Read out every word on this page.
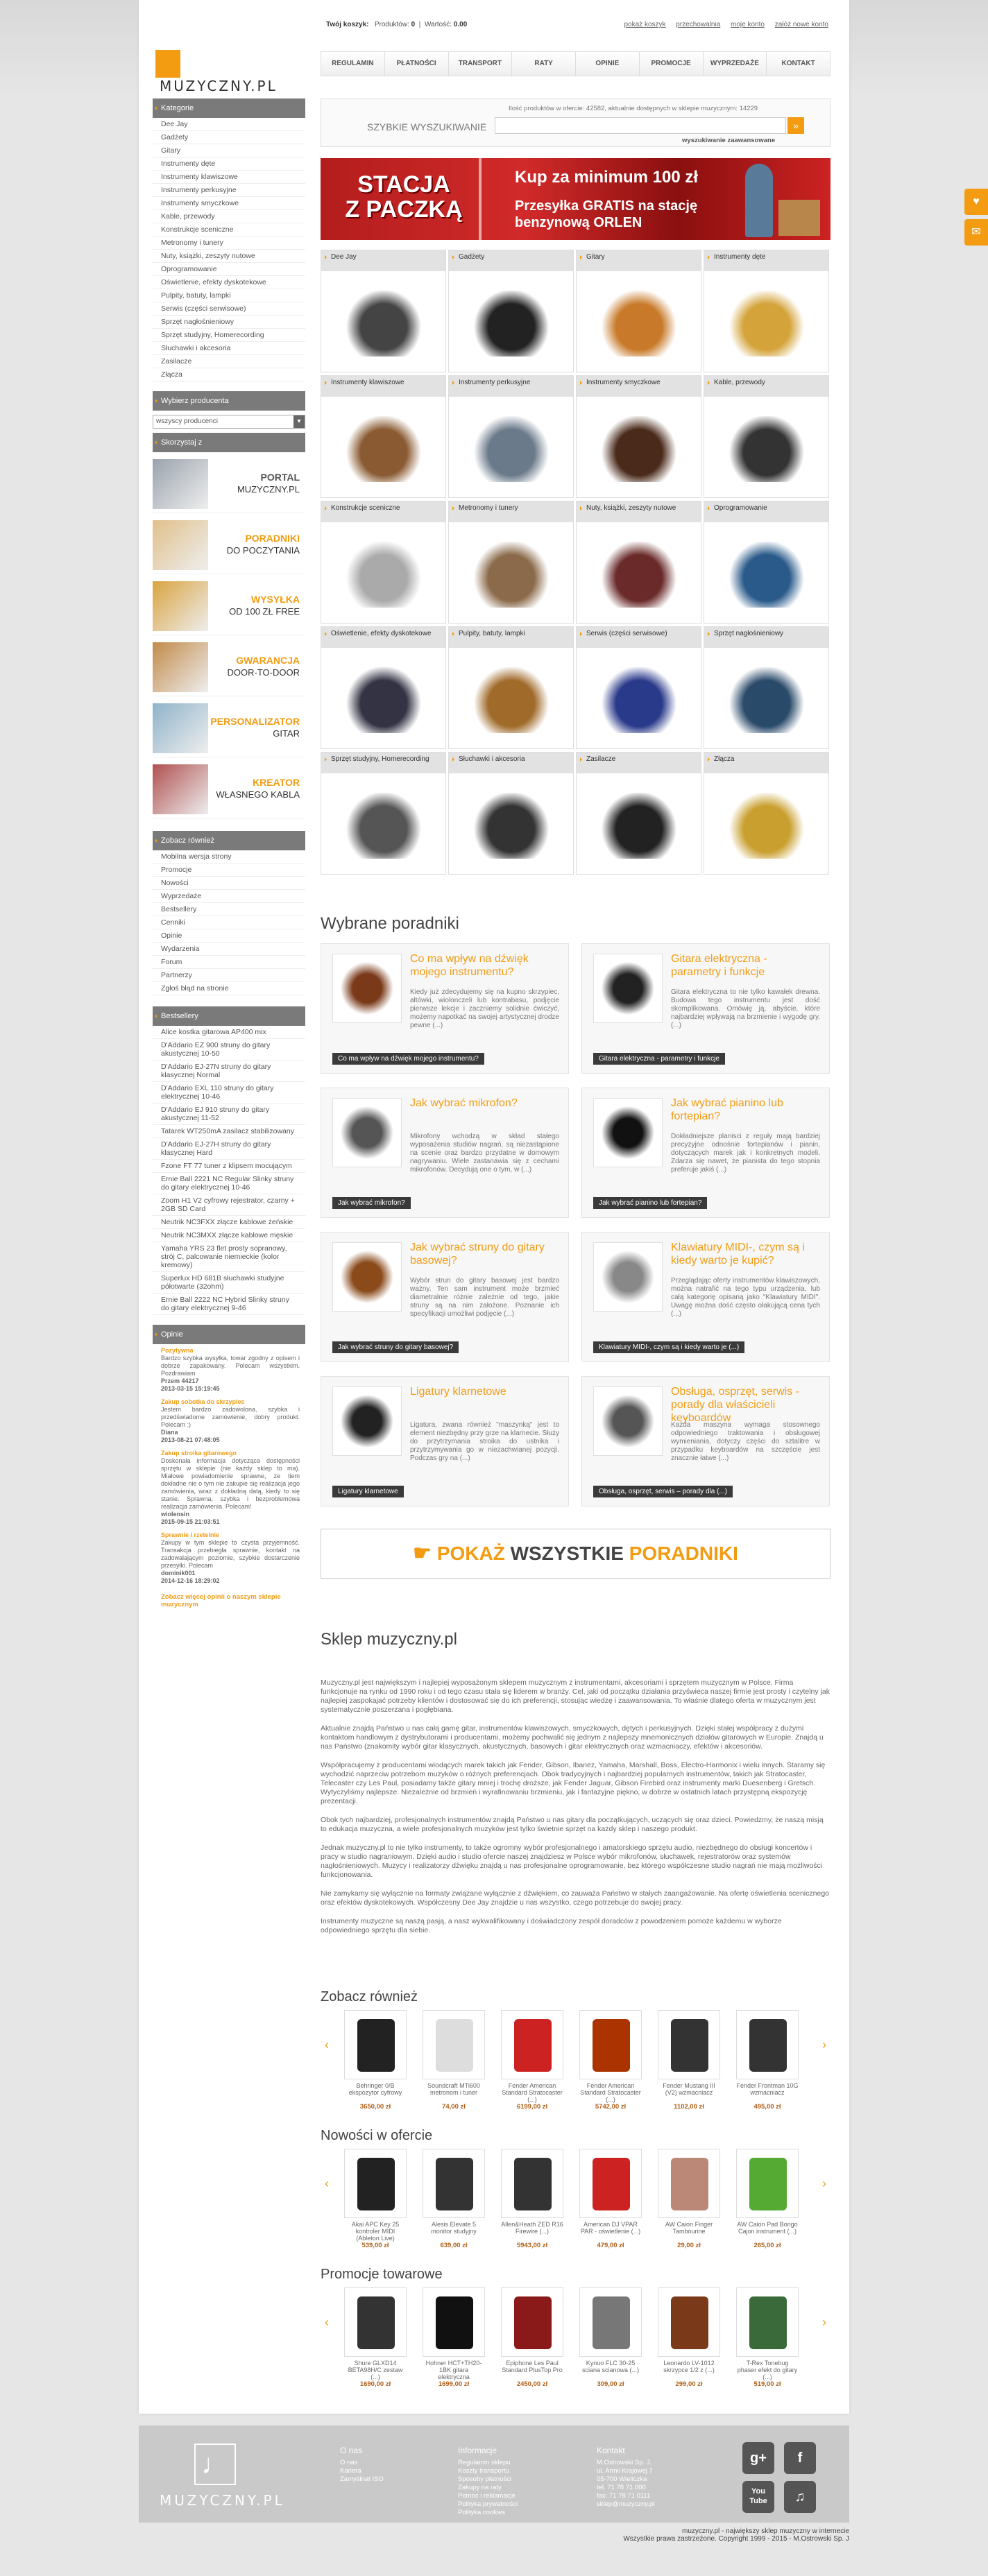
♥
✉
Twój koszyk: Produktów: 0  |  Wartość: 0.00	pokaż koszyk przechowalnia moje konto załóż nowe konto
MUZYCZNY.PL
REGULAMIN	PŁATNOŚCI	TRANSPORT	RATY	OPINIE	PROMOCJE	WYPRZEDAŻE	KONTAKT
Kategorie
Dee Jay
Gadżety
Gitary
Instrumenty dęte
Instrumenty klawiszowe
Instrumenty perkusyjne
Instrumenty smyczkowe
Kable, przewody
Konstrukcje sceniczne
Metronomy i tunery
Nuty, książki, zeszyty nutowe
Oprogramowanie
Oświetlenie, efekty dyskotekowe
Pulpity, batuty, lampki
Serwis (części serwisowe)
Sprzęt nagłośnieniowy
Sprzęt studyjny, Homerecording
Słuchawki i akcesoria
Zasilacze
Złącza
Wybierz producenta
wszyscy producenci	▾
Skorzystaj z
PORTAL
MUZYCZNY.PL
PORADNIKI
DO POCZYTANIA
WYSYŁKA
OD 100 ZŁ FREE
GWARANCJA
DOOR-TO-DOOR
PERSONALIZATOR
GITAR
KREATOR
WŁASNEGO KABLA
Zobacz również
Mobilna wersja strony
Promocje
Nowości
Wyprzedaże
Bestsellery
Cenniki
Opinie
Wydarzenia
Forum
Partnerzy
Zgłoś błąd na stronie
Bestsellery
Alice kostka gitarowa AP400 mix
D'Addario EZ 900 struny do gitary akustycznej 10-50
D'Addario EJ-27N struny do gitary klasycznej Normal
D'Addario EXL 110 struny do gitary elektrycznej 10-46
D'Addario EJ 910 struny do gitary akustycznej 11-52
Tatarek WT250mA zasilacz stabilizowany
D'Addario EJ-27H struny do gitary klasycznej Hard
Fzone FT 77 tuner z klipsem mocującym
Ernie Ball 2221 NC Regular Slinky struny do gitary elektrycznej 10-46
Zoom H1 V2 cyfrowy rejestrator, czarny + 2GB SD Card
Neutrik NC3FXX złącze kablowe żeńskie
Neutrik NC3MXX złącze kablowe męskie
Yamaha YRS 23 flet prosty sopranowy, strój C, palcowanie niemieckie (kolor kremowy)
Superlux HD 681B słuchawki studyjne półotwarte (32ohm)
Ernie Ball 2222 NC Hybrid Slinky struny do gitary elektrycznej 9-46
Opinie
Pozytywna
Bardzo szybka wysyłka, towar zgodny z opisem i dobrze zapakowany. Polecam wszystkim. Pozdrawiam
Przem 44217
2013-03-15 15:19:45
Zakup sobotka do skrzypiec
Jestem bardzo zadowolona, szybka i przedświadome zamówienie, dobry produkt. Polecam :)
Diana
2013-08-21 07:48:05
Zakup stroika gitarowego
Doskonała informacja dotycząca dostępności sprzętu w sklepie (nie każdy sklep to ma). Miałowe powiadomienie sprawne, ze tiem dokładne nie o tym nie zakupie się realizacja jego zamówienia, wraz z dokładną datą, kiedy to się stanie. Sprawna, szybka i bezproblemowa realizacja zamówienia. Polecam!
wiolensin
2015-09-15 21:03:51
Sprawnie i rzetelnie
Zakupy w tym sklepie to czysta przyjemność. Transakcja przebiegła sprawnie, kontakt na zadowalającym poziomie, szybkie dostarczenie przesyłki. Polecam
dominik001
2014-12-16 18:29:02
Zobacz więcej opinii o naszym sklepie muzycznym
Ilość produktów w ofercie: 42582, aktualnie dostępnych w sklepie muzycznym: 14229
SZYBKIE WYSZUKIWANIE	»
wyszukiwanie zaawansowane
STACJA
Z PACZKĄ
Kup za minimum 100 zł
Przesyłka GRATIS na stację
benzynową ORLEN
Dee Jay	Gadżety	Gitary	Instrumenty dęte
Instrumenty klawiszowe	Instrumenty perkusyjne	Instrumenty smyczkowe	Kable, przewody
Konstrukcje sceniczne	Metronomy i tunery	Nuty, książki, zeszyty nutowe	Oprogramowanie
Oświetlenie, efekty dyskotekowe	Pulpity, batuty, lampki	Serwis (części serwisowe)	Sprzęt nagłośnieniowy
Sprzęt studyjny, Homerecording	Słuchawki i akcesoria	Zasilacze	Złącza
Wybrane poradniki
Co ma wpływ na dźwięk mojego instrumentu?
Kiedy już zdecydujemy się na kupno skrzypiec, altówki, wiolonczeli lub kontrabasu, podjęcie pierwsze lekcje i zaczniemy solidnie ćwiczyć, możemy napotkać na swojej artystycznej drodze pewne (...)
Co ma wpływ na dźwięk mojego instrumentu?
Gitara elektryczna - parametry i funkcje
Gitara elektryczna to nie tylko kawałek drewna. Budowa tego instrumentu jest dość skomplikowana. Omówię ją, abyście, które najbardziej wpływają na brzmienie i wygodę gry. (...)
Gitara elektryczna - parametry i funkcje
Jak wybrać mikrofon?
Mikrofony wchodzą w skład stałego wyposażenia studiów nagrań, są niezastąpione na scenie oraz bardzo przydatne w domowym nagrywaniu. Wiele zastanawia się z cechami mikrofonów. Decydują one o tym, w (...)
Jak wybrać mikrofon?
Jak wybrać pianino lub fortepian?
Dokładniejsze planisci z reguły mają bardziej precyzyjne odnośnie fortepianów i pianin, dotyczących marek jak i konkretnych modeli. Zdarza się nawet, że pianista do tego stopnia preferuje jakiś (...)
Jak wybrać pianino lub fortepian?
Jak wybrać struny do gitary basowej?
Wybór strun do gitary basowej jest bardzo ważny. Ten sam instrument może brzmieć diametralnie różnie zależnie od tego, jakie struny są na nim założone. Poznanie ich specyfikacji umożliwi podjęcie (...)
Jak wybrać struny do gitary basowej?
Klawiatury MIDI-, czym są i kiedy warto je kupić?
Przeglądając oferty instrumentów klawiszowych, można natrafić na tego typu urządzenia, lub całą kategorię opisaną jako "Klawiatury MIDI". Uwagę można dość często ołakującą cena tych (...)
Klawiatury MIDI-, czym są i kiedy warto je (...)
Ligatury klarnetowe
Ligatura, zwana również "maszynką" jest to element niezbędny przy grze na klarnecie. Służy do przytrzymania stroika do ustnika i przytrzymywania go w niezachwianej pozycji. Podczas gry na (...)
Ligatury klarnetowe
Obsługa, osprzęt, serwis - porady dla właścicieli keyboardów
Każda maszyna wymaga stosownego odpowiedniego traktowania i obsługowej wymieniania, dotyczy części do sztalitre w przypadku keyboardów na szczęście jest znacznie łatwe (...)
Obsługa, osprzęt, serwis – porady dla (...)
☛ POKAŻ WSZYSTKIE PORADNIKI
Sklep muzyczny.pl

Muzyczny.pl jest największym i najlepiej wyposażonym sklepem muzycznym z instrumentami, akcesoriami i sprzętem muzycznym w Polsce. Firma funkcjonuje na rynku od 1990 roku i od tego czasu stała się liderem w branży. Cel, jaki od początku działania przyświeca naszej firmie jest prosty i czytelny jak najlepiej zaspokajać potrzeby klientów i dostosować się do ich preferencji, stosując wiedzę i zaawansowania. To właśnie dlatego oferta w muzycznym jest systematycznie poszerzana i pogłębiana.

Aktualnie znajdą Państwo u nas całą gamę gitar, instrumentów klawiszowych, smyczkowych, dętych i perkusyjnych. Dzięki stałej współpracy z dużymi kontaktom handlowym z dystrybutorami i producentami, możemy pochwalić się jednym z najlepszy mnemonicznych działów gitarowych w Europie. Znajdą u nas Państwo (znakomity wybór gitar klasycznych, akustycznych, basowych i gitar elektrycznych oraz wzmacniaczy, efektów i akcesoriów.

Współpracujemy z producentami wiodących marek takich jak Fender, Gibson, Ibanez, Yamaha, Marshall, Boss, Electro-Harmonix i wielu innych. Staramy się wychodzić naprzeciw potrzebom muzyków o różnych preferencjach. Obok tradycyjnych i najbardziej popularnych instrumentów, takich jak Stratocaster, Telecaster czy Les Paul, posiadamy także gitary mniej i trochę droższe, jak Fender Jaguar, Gibson Firebird oraz instrumenty marki Duesenberg i Gretsch. Wytyczyliśmy najlepsze. Niezależnie od brzmień i wyrafinowaniu brzmieniu, jak i fantazyjne piękno, w dobrze w ostatnich latach przystępną ekspozycję prezentacji.

Obok tych najbardziej, profesjonalnych instrumentów znajdą Państwo u nas gitary dla początkujących, uczących się oraz dzieci. Powiedzmy, że naszą misją to edukacja muzyczna, a wiele profesjonalnych muzyków jest tylko świetnie sprzęt na każdy sklep i naszego produkt.

Jednak muzyczny.pl to nie tylko instrumenty, to także ogromny wybór profesjonalnego i amatorskiego sprzętu audio, niezbędnego do obsługi koncertów i pracy w studio nagraniowym. Dzięki audio i studio ofercie naszej znajdziesz w Polsce wybór mikrofonów, słuchawek, rejestratorów oraz systemów nagłośnieniowych. Muzycy i realizatorzy dźwięku znajdą u nas profesjonalne oprogramowanie, bez którego współczesne studio nagrań nie mają możliwości funkcjonowania.

Nie zamykamy się wyłącznie na formaty związane wyłącznie z dźwiękiem, co zauważa Państwo w stałych zaangażowanie. Na ofertę oświetlenia scenicznego oraz efektów dyskotekowych. Współczesny Dee Jay znajdzie u nas wszystko, czego potrzebuje do swojej pracy.

Instrumenty muzyczne są naszą pasją, a nasz wykwalifikowany i doświadczony zespół doradców z powodzeniem pomoże każdemu w wyborze odpowiedniego sprzętu dla siebie.

Zobacz również
‹	›
Behringer 0/B ekspozytor cyfrowy
3650,00 zł
Soundcraft MTi600 metronom i tuner
74,00 zł
Fender American Standard Stratocaster (...)
6199,00 zł
Fender American Standard Stratocaster (...)
5742,00 zł
Fender Mustang III (V2) wzmacniacz
1102,00 zł
Fender Frontman 10G wzmacniacz
495,00 zł
Nowości w ofercie
‹	›
Akai APC Key 25 kontroler MIDI (Ableton Live)
539,00 zł
Alesis Elevate 5 monitor studyjny
639,00 zł
Allen&Heath ZED R16 Firewire (...)
5943,00 zł
American DJ VPAR PAR - oświetlenie (...)
479,00 zł
AW Caion Finger Tambourine
29,00 zł
AW Caion Pad Bongo Cajon instrument (...)
265,00 zł
Promocje towarowe
‹	›
Shure GLXD14 BETA98H/C zestaw (...)
1690,00 zł
Hohner HCT+TH20-1BK gitara elektryczna
1699,00 zł
Epiphone Les Paul Standard PlusTop Pro
2450,00 zł
Kynuo FLC 30-25 sciana scianowa (...)
309,00 zł
Leonardo LV-1012 skrzypce 1/2 z (...)
299,00 zł
T-Rex Tonebug phaser efekt do gitary (...)
519,00 zł
♩
MUZYCZNY.PL
O nas
O nas
Kariera
Zamyślnat ISO
Informacje
Regulamin sklepu
Koszty transportu
Sposoby płatności
Zakupy na raty
Pomoc i reklamacje
Polityka prywatności
Polityka cookies
Kontakt
M.Ostrowski Sp. J.
ul. Armii Krajowej 7
05-700 Wieliczka
tel. 71 78 71 000
fax: 71 78 71 0111
sklep@muzyczny.pl
g+	f
You Tube	♫
muzyczny.pl - największy sklep muzyczny w internecie
Wszystkie prawa zastrzeżone. Copyright 1999 - 2015 - M.Ostrowski Sp. J
